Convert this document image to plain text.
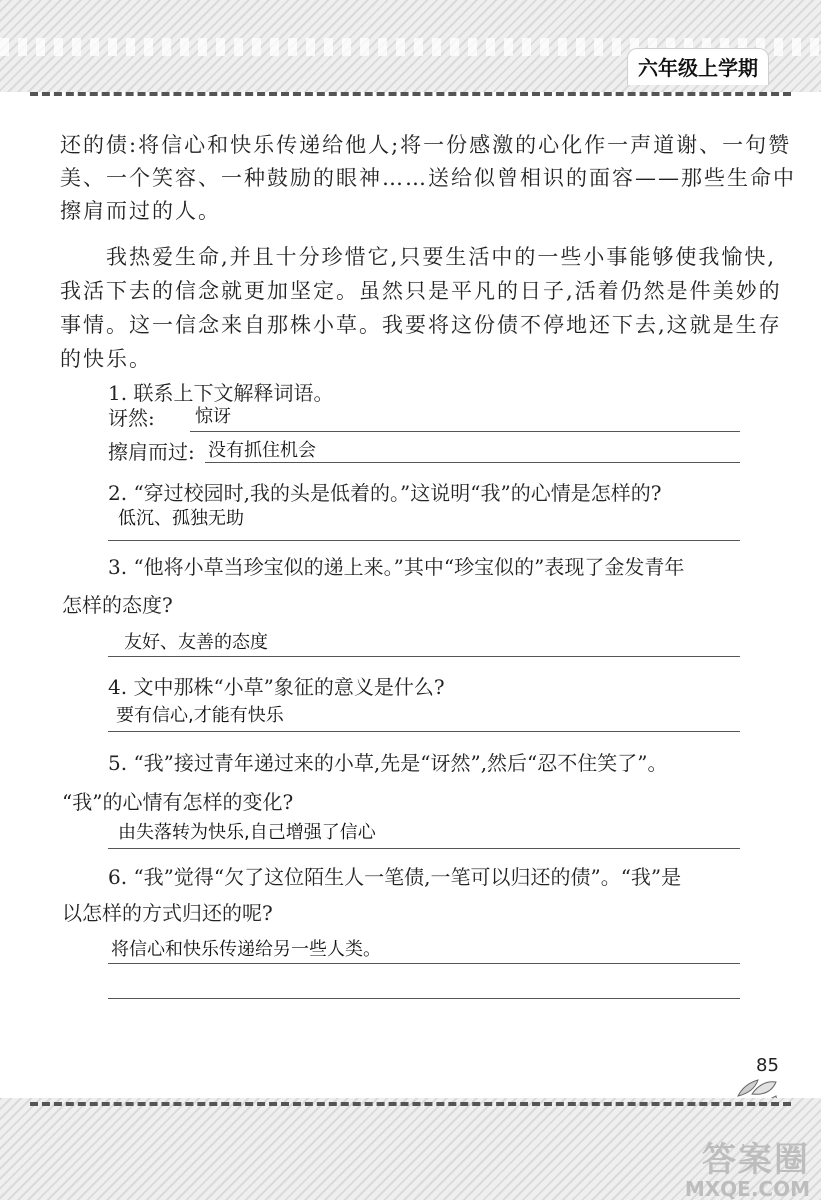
六年级上学期
还的债:将信心和快乐传递给他人;将一份感激的心化作一声道谢、一句赞
美、一个笑容、一种鼓励的眼神……送给似曾相识的面容——那些生命中
擦肩而过的人。
　　我热爱生命,并且十分珍惜它,只要生活中的一些小事能够使我愉快,
我活下去的信念就更加坚定。虽然只是平凡的日子,活着仍然是件美妙的
事情。这一信念来自那株小草。我要将这份债不停地还下去,这就是生存
的快乐。
1. 联系上下文解释词语。
讶然: 惊讶
擦肩而过: 没有抓住机会
2. “穿过校园时,我的头是低着的。”这说明“我”的心情是怎样的?
低沉、孤独无助
3. “他将小草当珍宝似的递上来。”其中“珍宝似的”表现了金发青年
怎样的态度?
友好、友善的态度
4. 文中那株“小草”象征的意义是什么?
要有信心,才能有快乐
5. “我”接过青年递过来的小草,先是“讶然”,然后“忍不住笑了”。
“我”的心情有怎样的变化?
由失落转为快乐,自己增强了信心
6. “我”觉得“欠了这位陌生人一笔债,一笔可以归还的债”。“我”是
以怎样的方式归还的呢?
将信心和快乐传递给另一些人类。
85
答案圈
MXQE.COM
